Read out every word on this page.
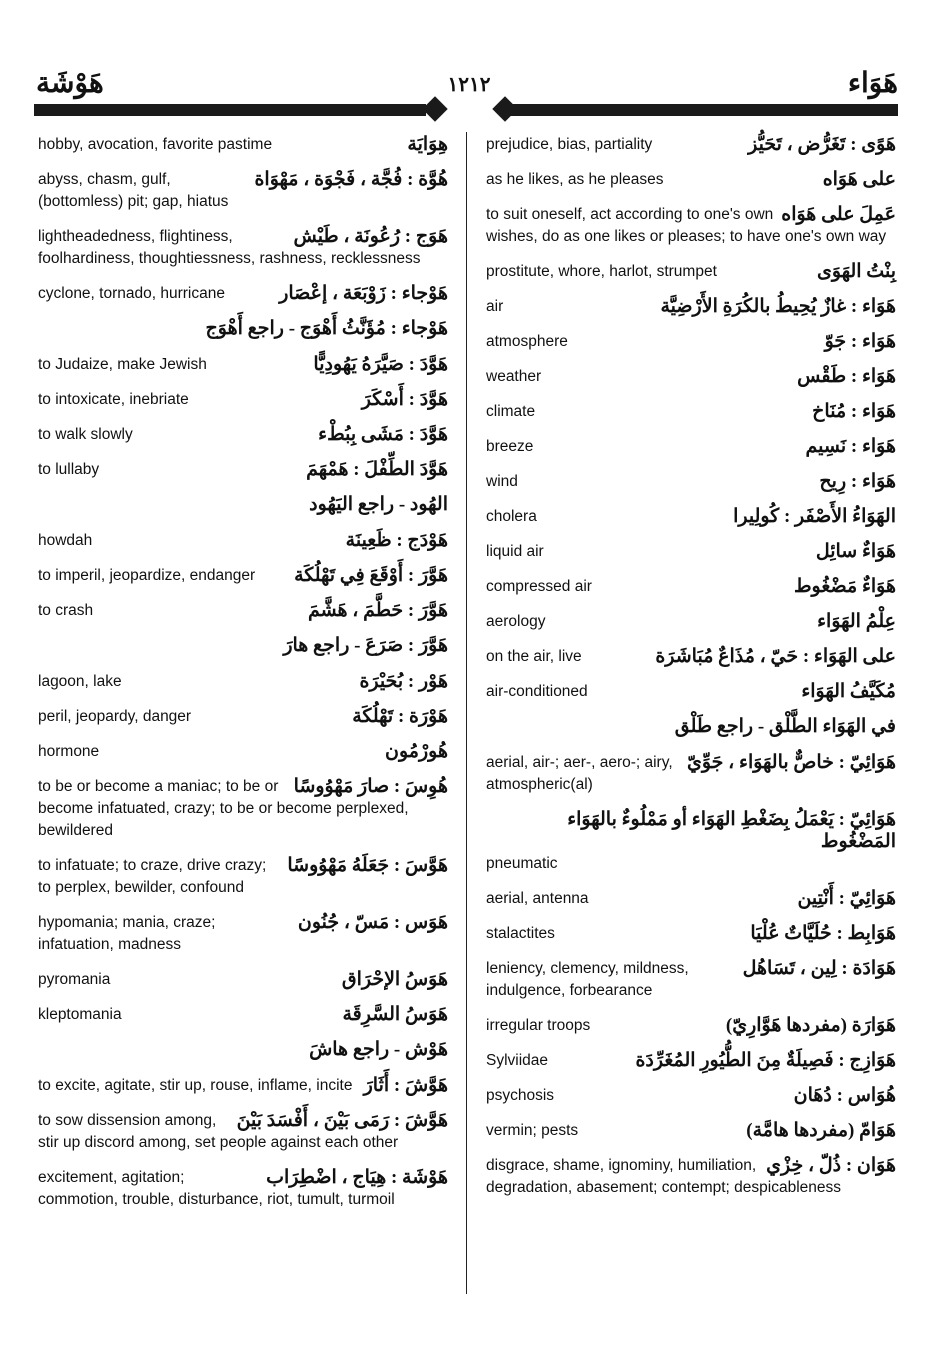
هَوْشَة	١٢١٢	هَوَاء
هِوَايَة
hobby, avocation, favorite pastime
هُوَّة : فُجَّة ، فَجْوَة ، مَهْوَاة
abyss, chasm, gulf, (bottomless) pit; gap, hiatus
هَوَج : رُعُونَة ، طَيْش
lightheadedness, flightiness, foolhardiness, thoughtiessness, rashness, recklessness
هَوْجاء : زَوْبَعَة ، إعْصَار
cyclone, tornado, hurricane
هَوْجاء : مُؤَنَّثُ أَهْوَج - راجع أَهْوَج
هَوَّدَ : صَيَّرَهُ يَهُودِيًّا
to Judaize, make Jewish
هَوَّدَ : أَسْكَرَ
to intoxicate, inebriate
هَوَّدَ : مَشَى بِبُطْء
to walk slowly
هَوَّدَ الطِّفْلَ : هَمْهَمَ
to lullaby
الهُود - راجع اليَهُود
هَوْدَج : ظَعِينَة
howdah
هَوَّرَ : أَوْقَعَ فِي تَهْلُكَة
to imperil, jeopardize, endanger
هَوَّرَ : حَطَّمَ ، هَشَّمَ
to crash
هَوَّرَ : صَرَعَ - راجع هارَ
هَوْر : بُحَيْرَة
lagoon, lake
هَوْرَة : تَهْلُكَة
peril, jeopardy, danger
هُورْمُون
hormone
هُوِسَ : صارَ مَهْوُوسًا
to be or become a maniac; to be or become infatuated, crazy; to be or become perplexed, bewildered
هَوَّسَ : جَعَلَهُ مَهْوُوسًا
to infatuate; to craze, drive crazy; to perplex, bewilder, confound
هَوَس : مَسّ ، جُنُون
hypomania; mania, craze; infatuation, madness
هَوَسُ الإحْرَاق
pyromania
هَوَسُ السَّرِقَة
kleptomania
هَوْش - راجع هاشَ
هَوَّشَ : أَثَارَ
to excite, agitate, stir up, rouse, inflame, incite
هَوَّشَ : رَمَى بَيْنَ ، أَفْسَدَ بَيْنَ
to sow dissension among, stir up discord among, set people against each other
هَوْشَة : هِيَاج ، اضْطِرَاب
excitement, agitation; commotion, trouble, disturbance, riot, tumult, turmoil
هَوًى : تَغَرُّض ، تَحَيُّز
prejudice, bias, partiality
على هَوَاه
as he likes, as he pleases
عَمِلَ على هَوَاه
to suit oneself, act according to one's own wishes, do as one likes or pleases; to have one's own way
بِنْتُ الهَوَى
prostitute, whore, harlot, strumpet
هَوَاء : غازٌ يُحِيطُ بالكُرَةِ الأَرْضِيَّة
air
هَوَاء : جَوّ
atmosphere
هَوَاء : طَقْس
weather
هَوَاء : مُنَاخ
climate
هَوَاء : نَسِيم
breeze
هَوَاء : رِيح
wind
الهَوَاءُ الأَصْفَر : كُولِيرا
cholera
هَوَاءٌ سائِل
liquid air
هَوَاءٌ مَضْغُوط
compressed air
عِلْمُ الهَوَاء
aerology
على الهَوَاء : حَيّ ، مُذَاعٌ مُبَاشَرَة
on the air, live
مُكَيَّفُ الهَوَاء
air-conditioned
في الهَوَاء الطَّلْق - راجع طَلْق
هَوَائِيّ : خاصٌّ بالهَوَاء ، جَوِّيّ
aerial, air-; aer-, aero-; airy, atmospheric(al)
هَوَائِيّ : يَعْمَلُ بِضَغْطِ الهَوَاء أو مَمْلُوءٌ بالهَوَاء المَضْغُوط
pneumatic
هَوَائِيّ : أَنْتِين
aerial, antenna
هَوَابِط : حُلَيَّاتٌ عُلْيَا
stalactites
هَوَادَة : لِين ، تَسَاهُل
leniency, clemency, mildness, indulgence, forbearance
هَوَارَة (مفردها هَوَّارِيّ)
irregular troops
هَوَازِج : فَصِيلَةٌ مِنَ الطُّيُورِ المُغَرِّدَة
Sylviidae
هُوَاس : دُهَان
psychosis
هَوَامّ (مفردها هامَّة)
vermin; pests
هَوَان : ذُلّ ، خِزْي
disgrace, shame, ignominy, humiliation, degradation, abasement; contempt; despicableness
